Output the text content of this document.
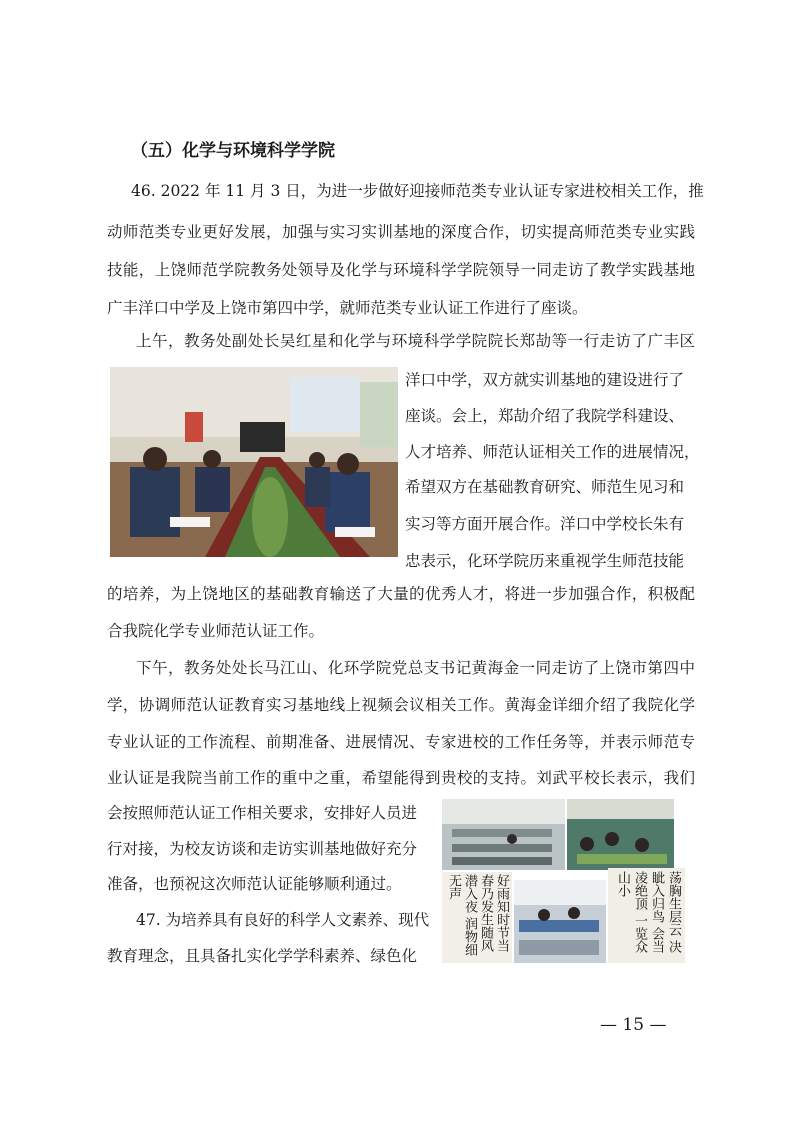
（五）化学与环境科学学院
46. 2022 年 11 月 3 日，为进一步做好迎接师范类专业认证专家进校相关工作，推
动师范类专业更好发展，加强与实习实训基地的深度合作，切实提高师范类专业实践
技能，上饶师范学院教务处领导及化学与环境科学学院领导一同走访了教学实践基地
广丰洋口中学及上饶市第四中学，就师范类专业认证工作进行了座谈。
上午，教务处副处长吴红星和化学与环境科学学院院长郑劼等一行走访了广丰区
洋口中学，双方就实训基地的建设进行了
座谈。会上，郑劼介绍了我院学科建设、
人才培养、师范认证相关工作的进展情况，
希望双方在基础教育研究、师范生见习和
实习等方面开展合作。洋口中学校长朱有
忠表示，化环学院历来重视学生师范技能
的培养，为上饶地区的基础教育输送了大量的优秀人才，将进一步加强合作，积极配
合我院化学专业师范认证工作。
下午，教务处处长马江山、化环学院党总支书记黄海金一同走访了上饶市第四中
学，协调师范认证教育实习基地线上视频会议相关工作。黄海金详细介绍了我院化学
专业认证的工作流程、前期准备、进展情况、专家进校的工作任务等，并表示师范专
业认证是我院当前工作的重中之重，希望能得到贵校的支持。刘武平校长表示，我们
会按照师范认证工作相关要求，安排好人员进
行对接，为校友访谈和走访实训基地做好充分
准备，也预祝这次师范认证能够顺利通过。
47. 为培养具有良好的科学人文素养、现代
教育理念，且具备扎实化学学科素养、绿色化
好雨知时节当 春乃发生随风 潜入夜 润物细无声	荡胸生层云 决眦入归鸟 会当凌绝顶 一览众山小
— 15 —
